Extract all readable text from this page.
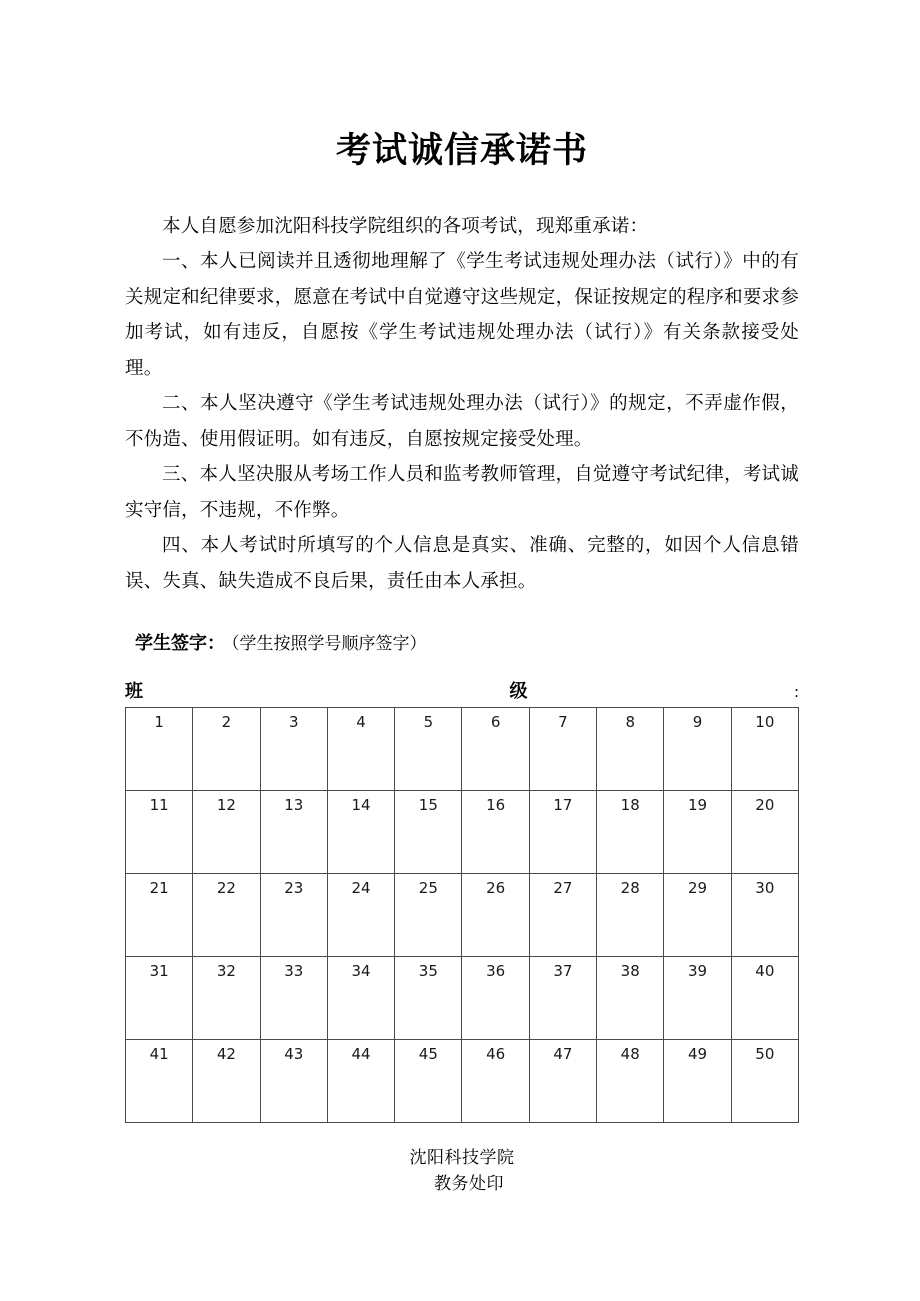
考试诚信承诺书

本人自愿参加沈阳科技学院组织的各项考试，现郑重承诺：

一、本人已阅读并且透彻地理解了《学生考试违规处理办法（试行）》中的有关规定和纪律要求，愿意在考试中自觉遵守这些规定，保证按规定的程序和要求参加考试，如有违反，自愿按《学生考试违规处理办法（试行）》有关条款接受处理。

二、本人坚决遵守《学生考试违规处理办法（试行）》的规定，不弄虚作假，不伪造、使用假证明。如有违反，自愿按规定接受处理。

三、本人坚决服从考场工作人员和监考教师管理，自觉遵守考试纪律，考试诚实守信，不违规，不作弊。

四、本人考试时所填写的个人信息是真实、准确、完整的，如因个人信息错误、失真、缺失造成不良后果，责任由本人承担。

学生签字： （学生按照学号顺序签字）
班	级	:
1	2	3	4	5	6	7	8	9	10
11	12	13	14	15	16	17	18	19	20
21	22	23	24	25	26	27	28	29	30
31	32	33	34	35	36	37	38	39	40
41	42	43	44	45	46	47	48	49	50
沈阳科技学院
教务处印
